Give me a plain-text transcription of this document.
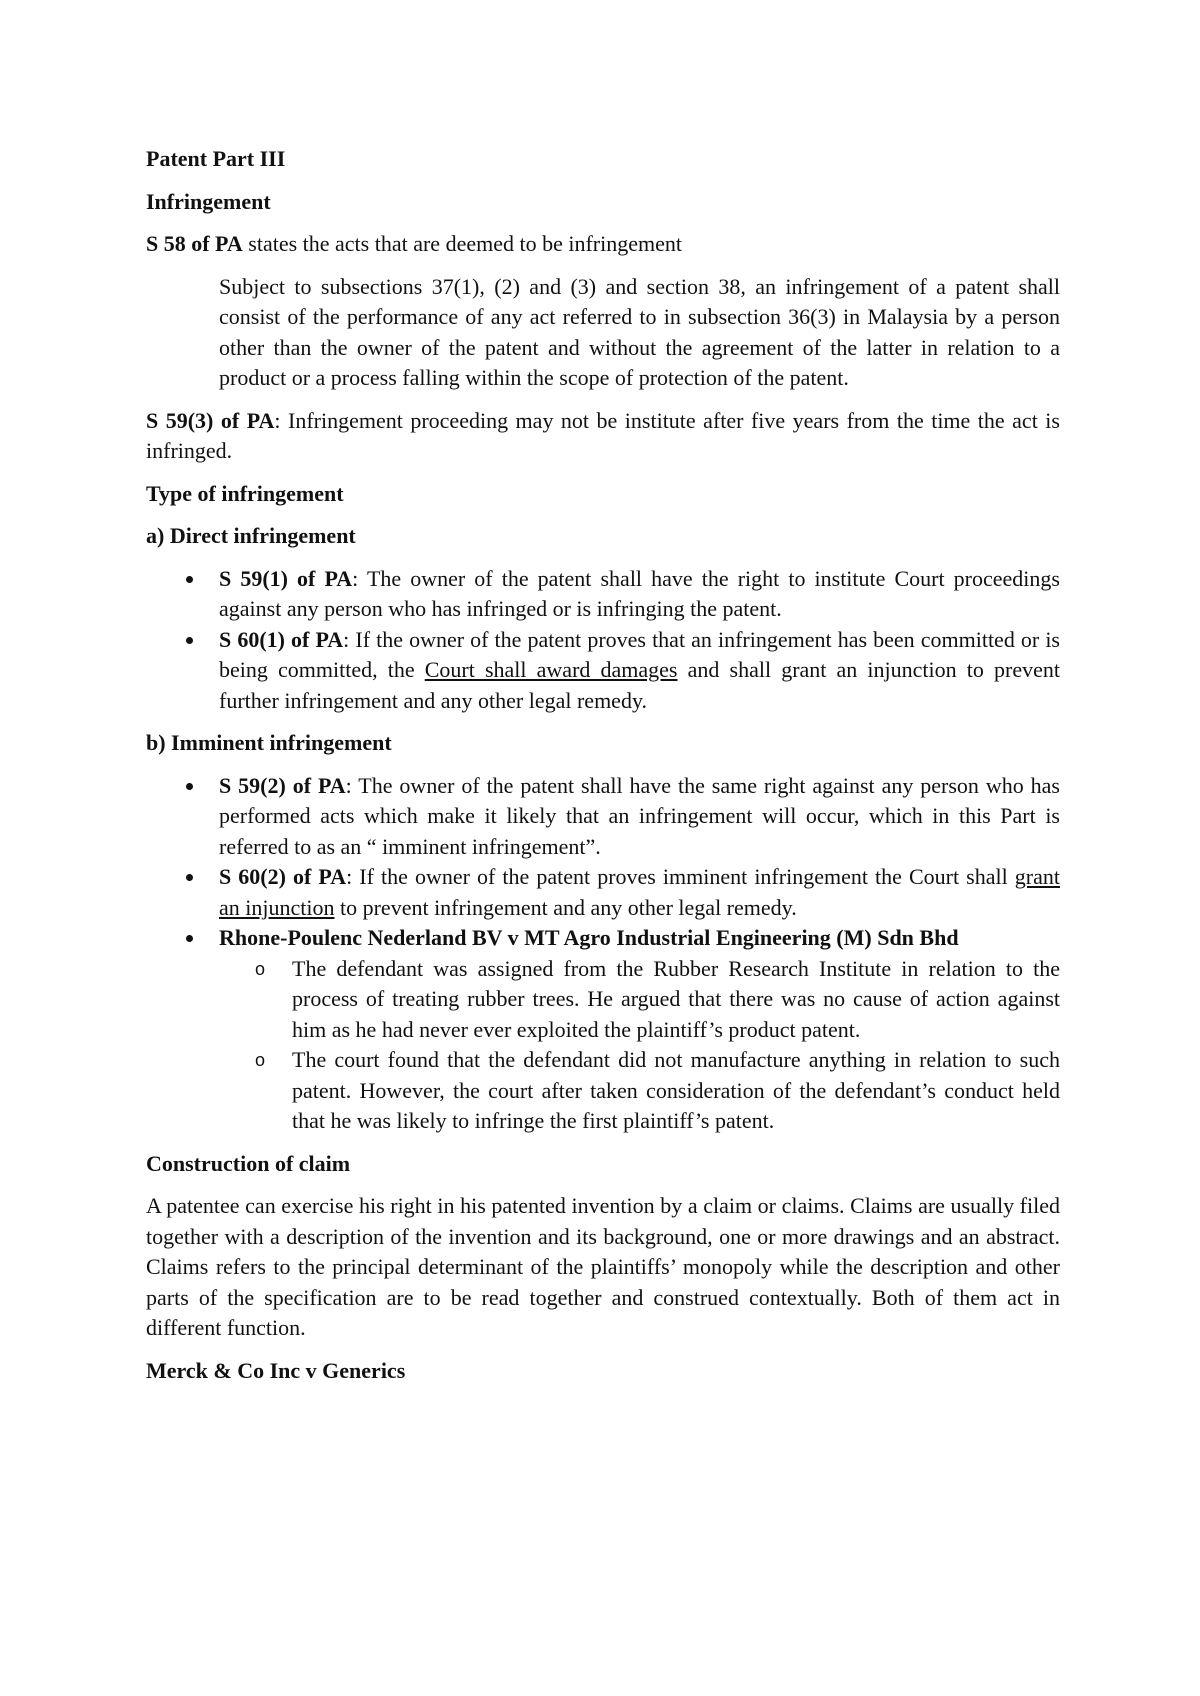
Patent Part III

Infringement

S 58 of PA states the acts that are deemed to be infringement

Subject to subsections 37(1), (2) and (3) and section 38, an infringement of a patent shall consist of the performance of any act referred to in subsection 36(3) in Malaysia by a person other than the owner of the patent and without the agreement of the latter in relation to a product or a process falling within the scope of protection of the patent.

S 59(3) of PA: Infringement proceeding may not be institute after five years from the time the act is infringed.

Type of infringement

a) Direct infringement

S 59(1) of PA: The owner of the patent shall have the right to institute Court proceedings against any person who has infringed or is infringing the patent.
S 60(1) of PA: If the owner of the patent proves that an infringement has been committed or is being committed, the Court shall award damages and shall grant an injunction to prevent further infringement and any other legal remedy.

b) Imminent infringement

S 59(2) of PA: The owner of the patent shall have the same right against any person who has performed acts which make it likely that an infringement will occur, which in this Part is referred to as an “ imminent infringement”.
S 60(2) of PA: If the owner of the patent proves imminent infringement the Court shall grant an injunction to prevent infringement and any other legal remedy.
Rhone-Poulenc Nederland BV v MT Agro Industrial Engineering (M) Sdn Bhd
o The defendant was assigned from the Rubber Research Institute in relation to the process of treating rubber trees. He argued that there was no cause of action against him as he had never ever exploited the plaintiff’s product patent.
o The court found that the defendant did not manufacture anything in relation to such patent. However, the court after taken consideration of the defendant’s conduct held that he was likely to infringe the first plaintiff’s patent.

Construction of claim

A patentee can exercise his right in his patented invention by a claim or claims. Claims are usually filed together with a description of the invention and its background, one or more drawings and an abstract. Claims refers to the principal determinant of the plaintiffs’ monopoly while the description and other parts of the specification are to be read together and construed contextually. Both of them act in different function.

Merck & Co Inc v Generics
